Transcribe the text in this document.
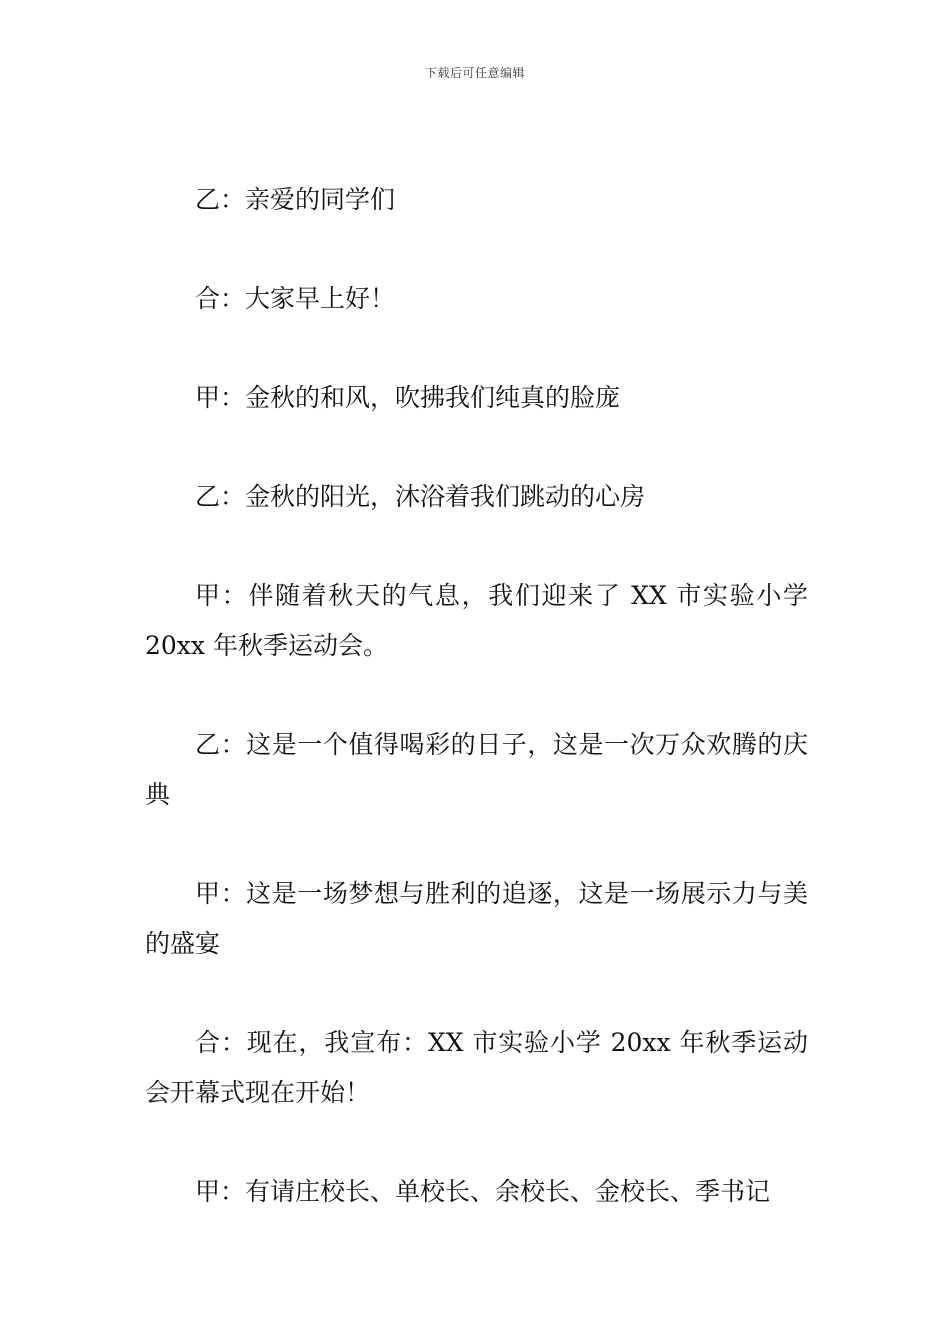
下载后可任意编辑

乙：亲爱的同学们

合：大家早上好！

甲：金秋的和风，吹拂我们纯真的脸庞

乙：金秋的阳光，沐浴着我们跳动的心房

甲：伴随着秋天的气息，我们迎来了 XX 市实验小学 20xx 年秋季运动会。

乙：这是一个值得喝彩的日子，这是一次万众欢腾的庆典

甲：这是一场梦想与胜利的追逐，这是一场展示力与美的盛宴

合：现在，我宣布：XX 市实验小学 20xx 年秋季运动会开幕式现在开始！

甲：有请庄校长、单校长、余校长、金校长、季书记
